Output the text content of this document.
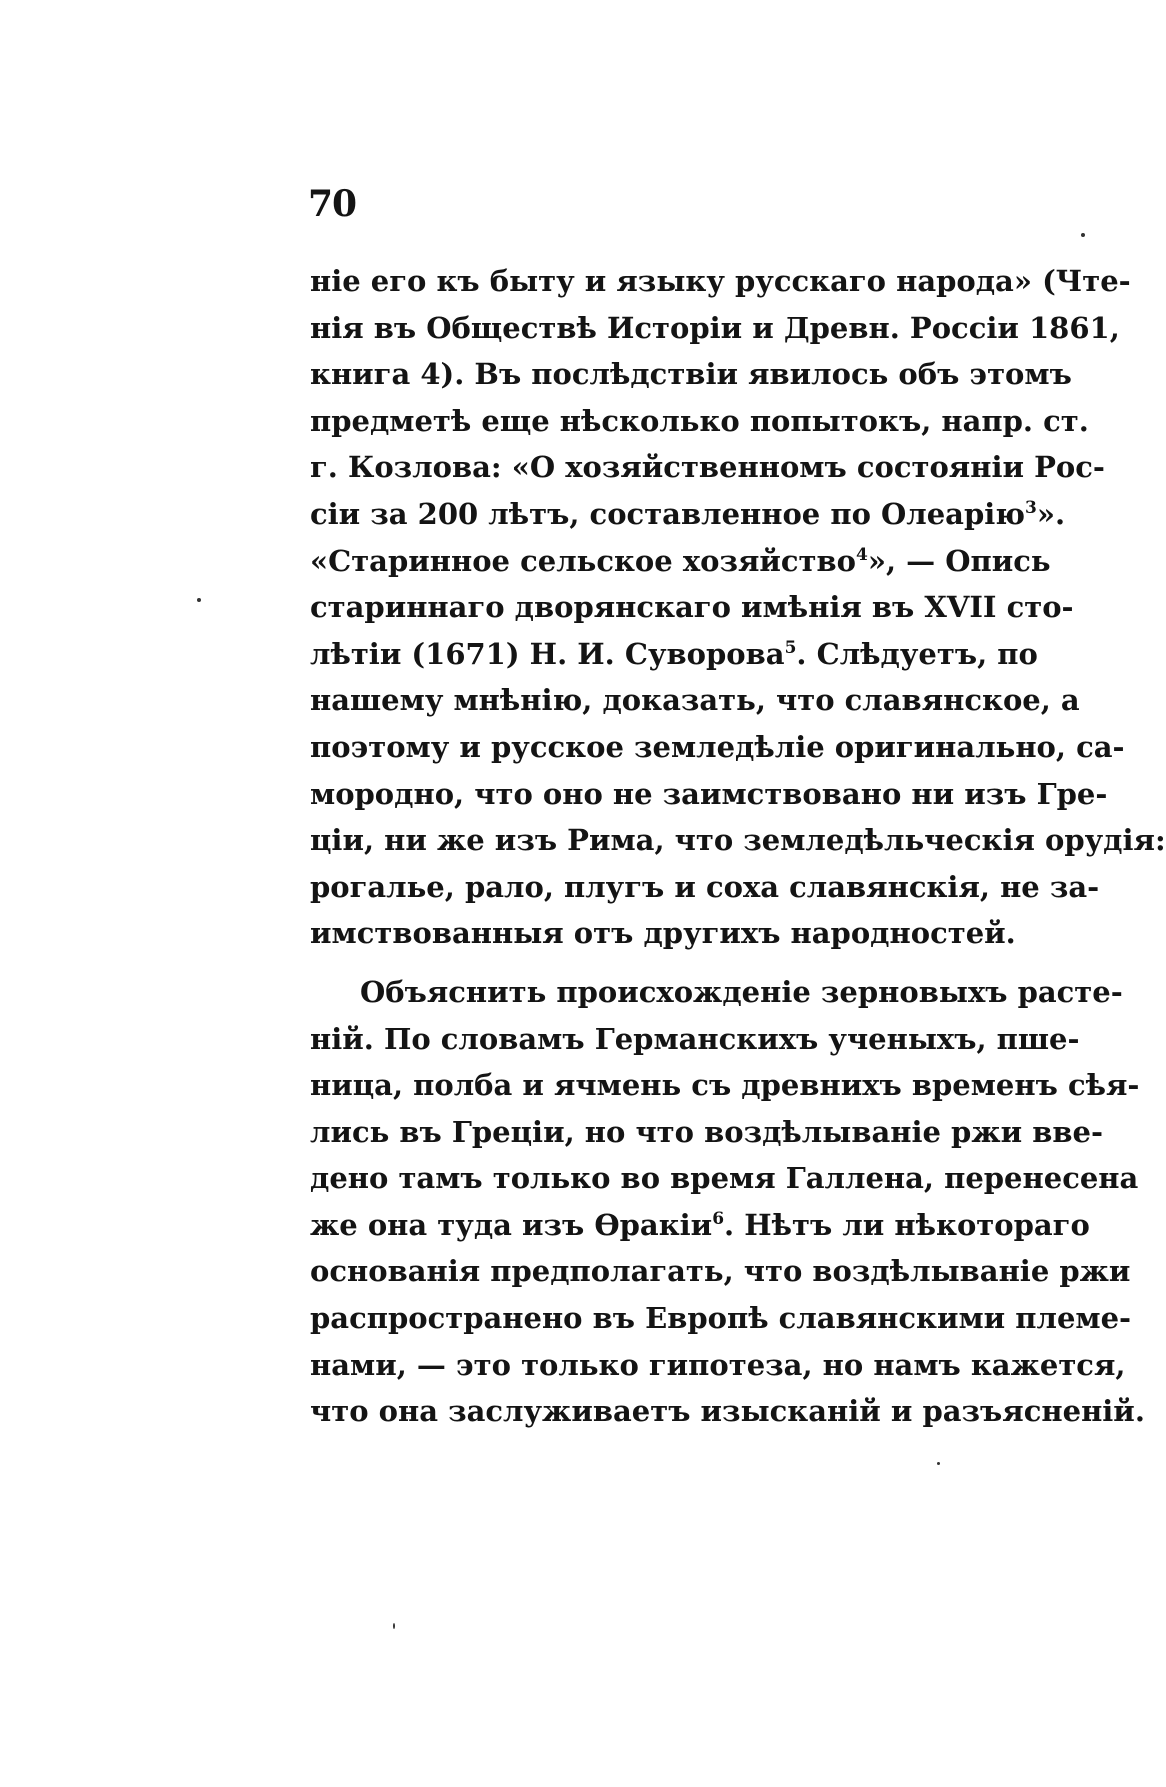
70
ніе его къ быту и языку русскаго народа» (Чте-
нія въ Обществѣ Исторіи и Древн. Россіи 1861,
книга 4). Въ послѣдствіи явилось объ этомъ
предметѣ еще нѣсколько попытокъ, напр. ст.
г. Козлова: «О хозяйственномъ состояніи Рос-
сіи за 200 лѣтъ, составленное по Олеарію$^3$».
«Старинное сельское хозяйство$^4$», — Опись
стариннаго дворянскаго имѣнія въ XVII сто-
лѣтіи (1671) Н. И. Суворова$^5$. Слѣдуетъ, по
нашему мнѣнію, доказать, что славянское, а
поэтому и русское земледѣліе оригинально, са-
мородно, что оно не заимствовано ни изъ Гре-
ціи, ни же изъ Рима, что земледѣльческія орудія:
рогалье, рало, плугъ и соха славянскія, не за-
имствованныя отъ другихъ народностей.
Объяснить происхожденіе зерновыхъ расте-
ній. По словамъ Германскихъ ученыхъ, пше-
ница, полба и ячмень съ древнихъ временъ сѣя-
лись въ Греціи, но что воздѣлываніе ржи вве-
дено тамъ только во время Галлена, перенесена
же она туда изъ Ѳракіи$^6$. Нѣтъ ли нѣкотораго
основанія предполагать, что воздѣлываніе ржи
распространено въ Европѣ славянскими племе-
нами, — это только гипотеза, но намъ кажется,
что она заслуживаетъ изысканій и разъясненій.
